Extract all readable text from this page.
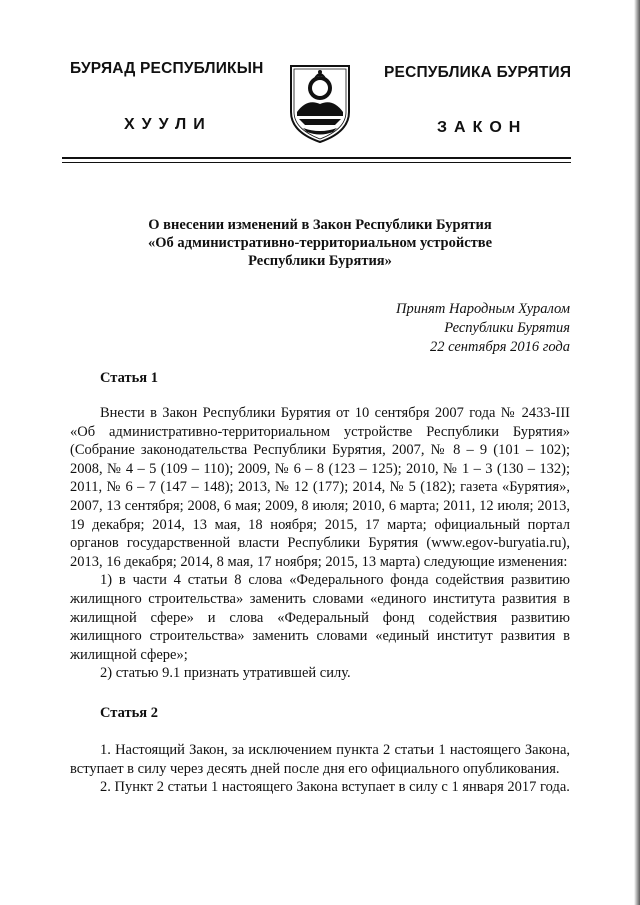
БУРЯАД РЕСПУБЛИКЫН
ХУУЛИ
РЕСПУБЛИКА БУРЯТИЯ
ЗАКОН
О внесении изменений в Закон Республики Бурятия
«Об административно-территориальном устройстве
Республики Бурятия»
Принят Народным Хуралом
Республики Бурятия
22 сентября 2016 года
Статья 1

Внести в Закон Республики Бурятия от 10 сентября 2007 года № 2433-III «Об административно-территориальном устройстве Республики Бурятия» (Собрание законодательства Республики Бурятия, 2007, № 8 – 9 (101 – 102); 2008, № 4 – 5 (109 – 110); 2009, № 6 – 8 (123 – 125); 2010, № 1 – 3 (130 – 132); 2011, № 6 – 7 (147 – 148); 2013, № 12 (177); 2014, № 5 (182); газета «Бурятия», 2007, 13 сентября; 2008, 6 мая; 2009, 8 июля; 2010, 6 марта; 2011, 12 июля; 2013, 19 декабря; 2014, 13 мая, 18 ноября; 2015, 17 марта; официальный портал органов государственной власти Республики Бурятия (www.egov-buryatia.ru), 2013, 16 декабря; 2014, 8 мая, 17 ноября; 2015, 13 марта) следующие изменения:

1) в части 4 статьи 8 слова «Федерального фонда содействия развитию жилищного строительства» заменить словами «единого института развития в жилищной сфере» и слова «Федеральный фонд содействия развитию жилищного строительства» заменить словами «единый институт развития в жилищной сфере»;

2) статью 9.1 признать утратившей силу.

Статья 2

1. Настоящий Закон, за исключением пункта 2 статьи 1 настоящего Закона, вступает в силу через десять дней после дня его официального опубликования.

2. Пункт 2 статьи 1 настоящего Закона вступает в силу с 1 января 2017 года.
